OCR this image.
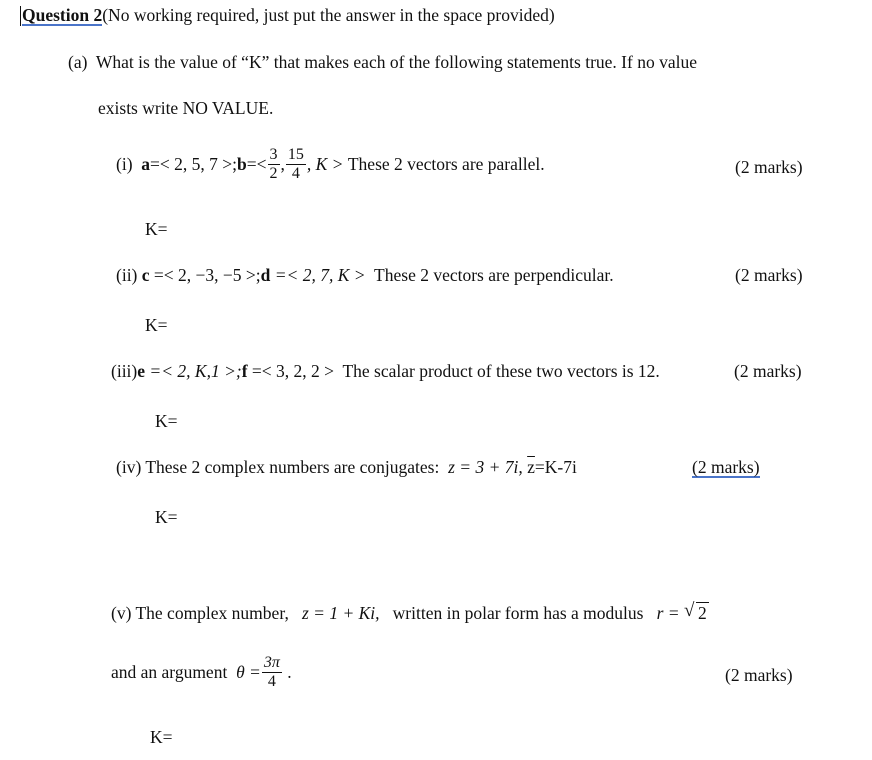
Question 2(No working required, just put the answer in the space provided)
(a) What is the value of “K” that makes each of the following statements true. If no value
exists write NO VALUE.
(i)
a =< 2, 5, 7 >; $b =< \frac{3}{2}$ , $\frac{15}{4}$ , K >
These 2 vectors are parallel.	(2 marks)
K=
(ii) c =< 2, −3, −5 >;d =< 2, 7, K > These 2 vectors are perpendicular.	(2 marks)
K=
(iii)e =< 2, K,1 >;f =< 3, 2, 2 > The scalar product of these two vectors is 12.	(2 marks)
K=
(iv) These 2 complex numbers are conjugates: z = 3 + 7i, $\overline{z}=K-7i$	(2 marks)
K=
(v) The complex number, z = 1 + Ki, written in polar form has a modulus r = √ 2
and an argument
$\theta = \frac{3\pi}{4}$
.	(2 marks)
K=
